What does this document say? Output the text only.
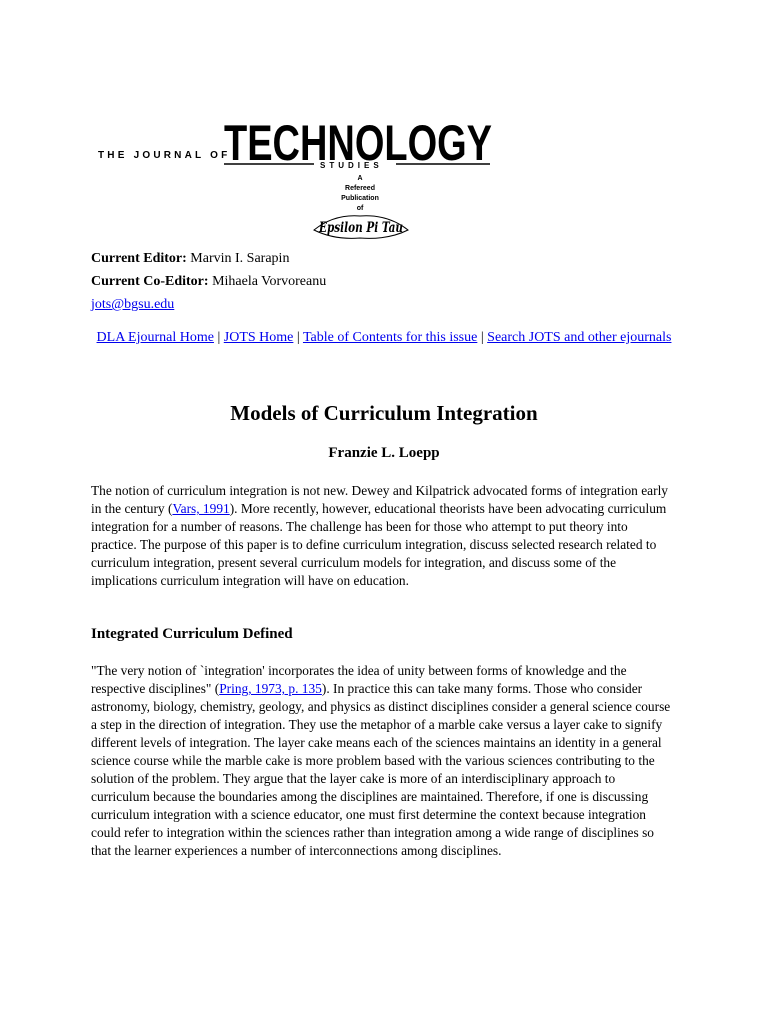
THE JOURNAL OF
TECHNOLOGY
STUDIES
A
Refereed
Publication
of
Epsilon Pi Tau
Current Editor: Marvin I. Sarapin
Current Co-Editor: Mihaela Vorvoreanu
jots@bgsu.edu
DLA Ejournal Home | JOTS Home | Table of Contents for this issue | Search JOTS and other ejournals
Models of Curriculum Integration
Franzie L. Loepp

The notion of curriculum integration is not new. Dewey and Kilpatrick advocated forms of integration early in the century (Vars, 1991). More recently, however, educational theorists have been advocating curriculum integration for a number of reasons. The challenge has been for those who attempt to put theory into practice. The purpose of this paper is to define curriculum integration, discuss selected research related to curriculum integration, present several curriculum models for integration, and discuss some of the implications curriculum integration will have on education.

Integrated Curriculum Defined

"The very notion of `integration' incorporates the idea of unity between forms of knowledge and the respective disciplines" (Pring, 1973, p. 135). In practice this can take many forms. Those who consider astronomy, biology, chemistry, geology, and physics as distinct disciplines consider a general science course a step in the direction of integration. They use the metaphor of a marble cake versus a layer cake to signify different levels of integration. The layer cake means each of the sciences maintains an identity in a general science course while the marble cake is more problem based with the various sciences contributing to the solution of the problem. They argue that the layer cake is more of an interdisciplinary approach to curriculum because the boundaries among the disciplines are maintained. Therefore, if one is discussing curriculum integration with a science educator, one must first determine the context because integration could refer to integration within the sciences rather than integration among a wide range of disciplines so that the learner experiences a number of interconnections among disciplines.
